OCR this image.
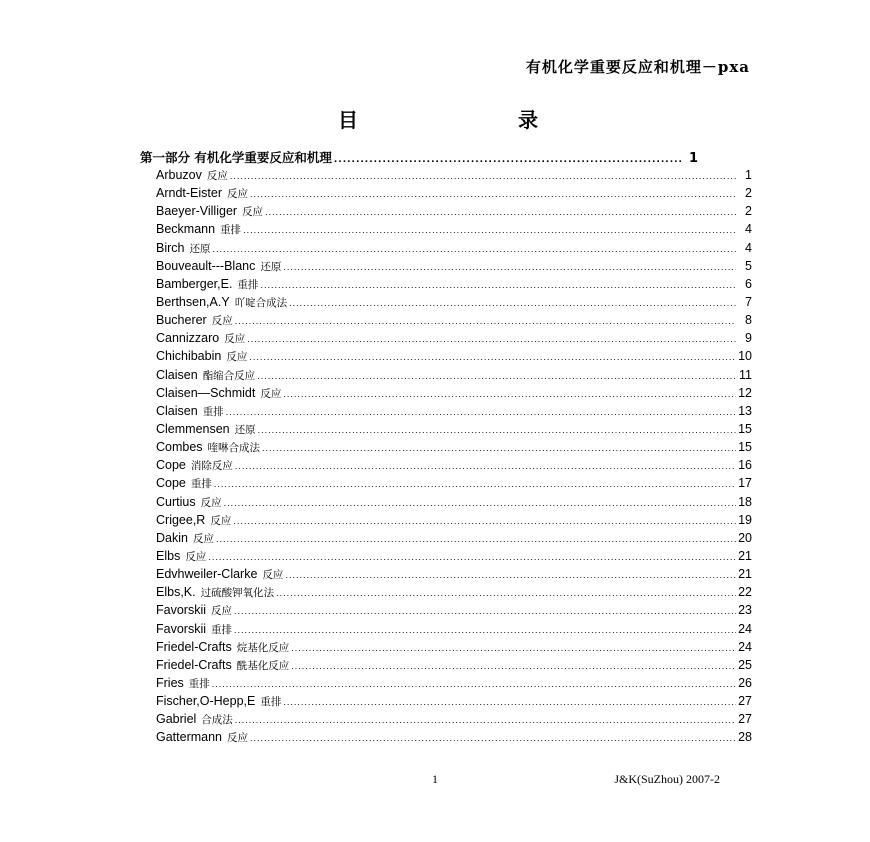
有机化学重要反应和机理－pxa
目	录
第一部分 有机化学重要反应和机理 .....	1
Arbuzov 反应 .....	1
Arndt-Eister 反应 .....	2
Baeyer-Villiger 反应 .....	2
Beckmann 重排 .....	4
Birch 还原 .....	4
Bouveault---Blanc 还原 .....	5
Bamberger,E. 重排 .....	6
Berthsen,A.Y 吖啶合成法 .....	7
Bucherer 反应 .....	8
Cannizzaro 反应 .....	9
Chichibabin 反应 .....	10
Claisen 酯缩合反应 .....	11
Claisen—Schmidt 反应 .....	12
Claisen 重排 .....	13
Clemmensen 还原 .....	15
Combes 喹啉合成法 .....	15
Cope 消除反应 .....	16
Cope 重排 .....	17
Curtius 反应 .....	18
Crigee,R 反应 .....	19
Dakin 反应 .....	20
Elbs 反应 .....	21
Edvhweiler-Clarke 反应 .....	21
Elbs,K. 过硫酸钾氧化法 .....	22
Favorskii 反应 .....	23
Favorskii 重排 .....	24
Friedel-Crafts 烷基化反应 .....	24
Friedel-Crafts 酰基化反应 .....	25
Fries 重排 .....	26
Fischer,O-Hepp,E 重排 .....	27
Gabriel 合成法 .....	27
Gattermann 反应 .....	28
1	J&K(SuZhou) 2007-2
